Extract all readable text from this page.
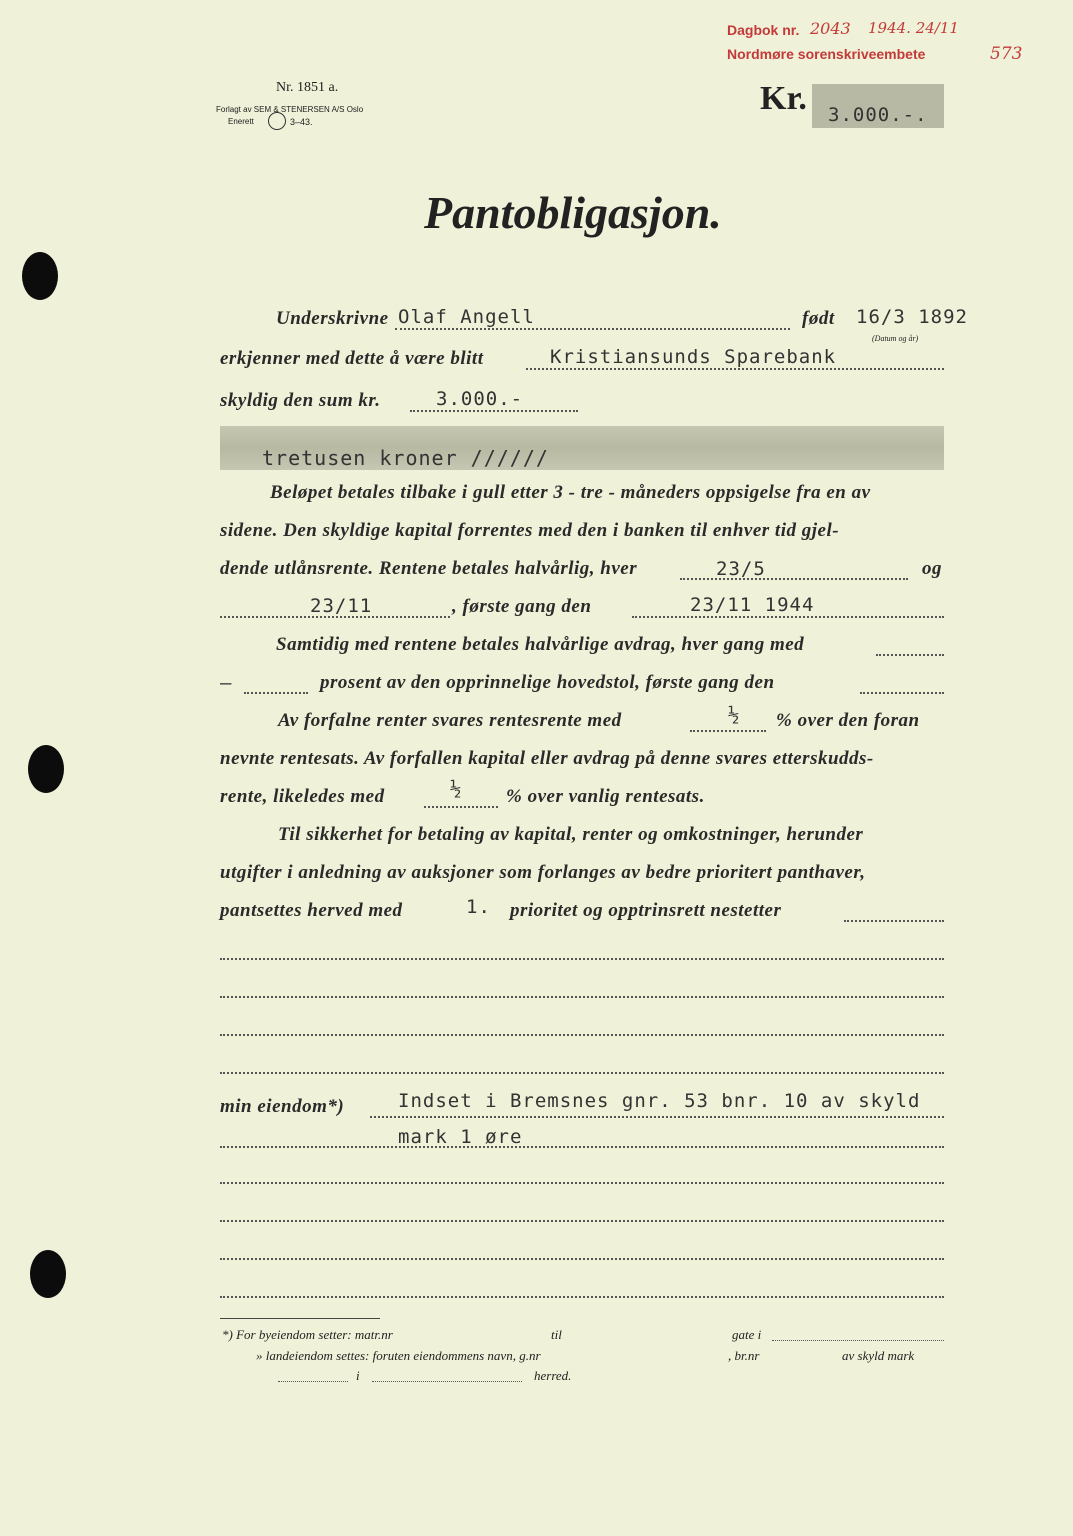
Dagbok nr. 2043 1944. 24/11
Nordmøre sorenskriveembete	573
Nr. 1851 a.
Forlagt av SEM & STENERSEN A/S Oslo
Enerett	3–43.
Kr. 3.000.-.
Pantobligasjon.
Underskrivne Olaf Angell	født 16/3 1892
(Datum og år)
erkjenner med dette å være blitt	Kristiansunds Sparebank
skyldig den sum kr.	3.000.-
tretusen kroner //////
Beløpet betales tilbake i gull etter 3 - tre - måneders oppsigelse fra en av
sidene. Den skyldige kapital forrentes med den i banken til enhver tid gjel-
dende utlånsrente. Rentene betales halvårlig, hver	23/5	og
23/11	, første gang den	23/11 1944
Samtidig med rentene betales halvårlige avdrag, hver gang med
—	prosent av den opprinnelige hovedstol, første gang den
Av forfalne renter svares rentesrente med	½ % over den foran
nevnte rentesats. Av forfallen kapital eller avdrag på denne svares etterskudds-
rente, likeledes med	½ % over vanlig rentesats.
Til sikkerhet for betaling av kapital, renter og omkostninger, herunder
utgifter i anledning av auksjoner som forlanges av bedre prioritert panthaver,
pantsettes herved med	1. prioritet og opptrinsrett nestetter
min eiendom*)	Indset i Bremsnes gnr. 53 bnr. 10 av skyld
mark 1 øre
*) For byeiendom setter: matr.nr	til	gate i
» landeiendom settes: foruten eiendommens navn, g.nr	, br.nr	av skyld mark
i	herred.
